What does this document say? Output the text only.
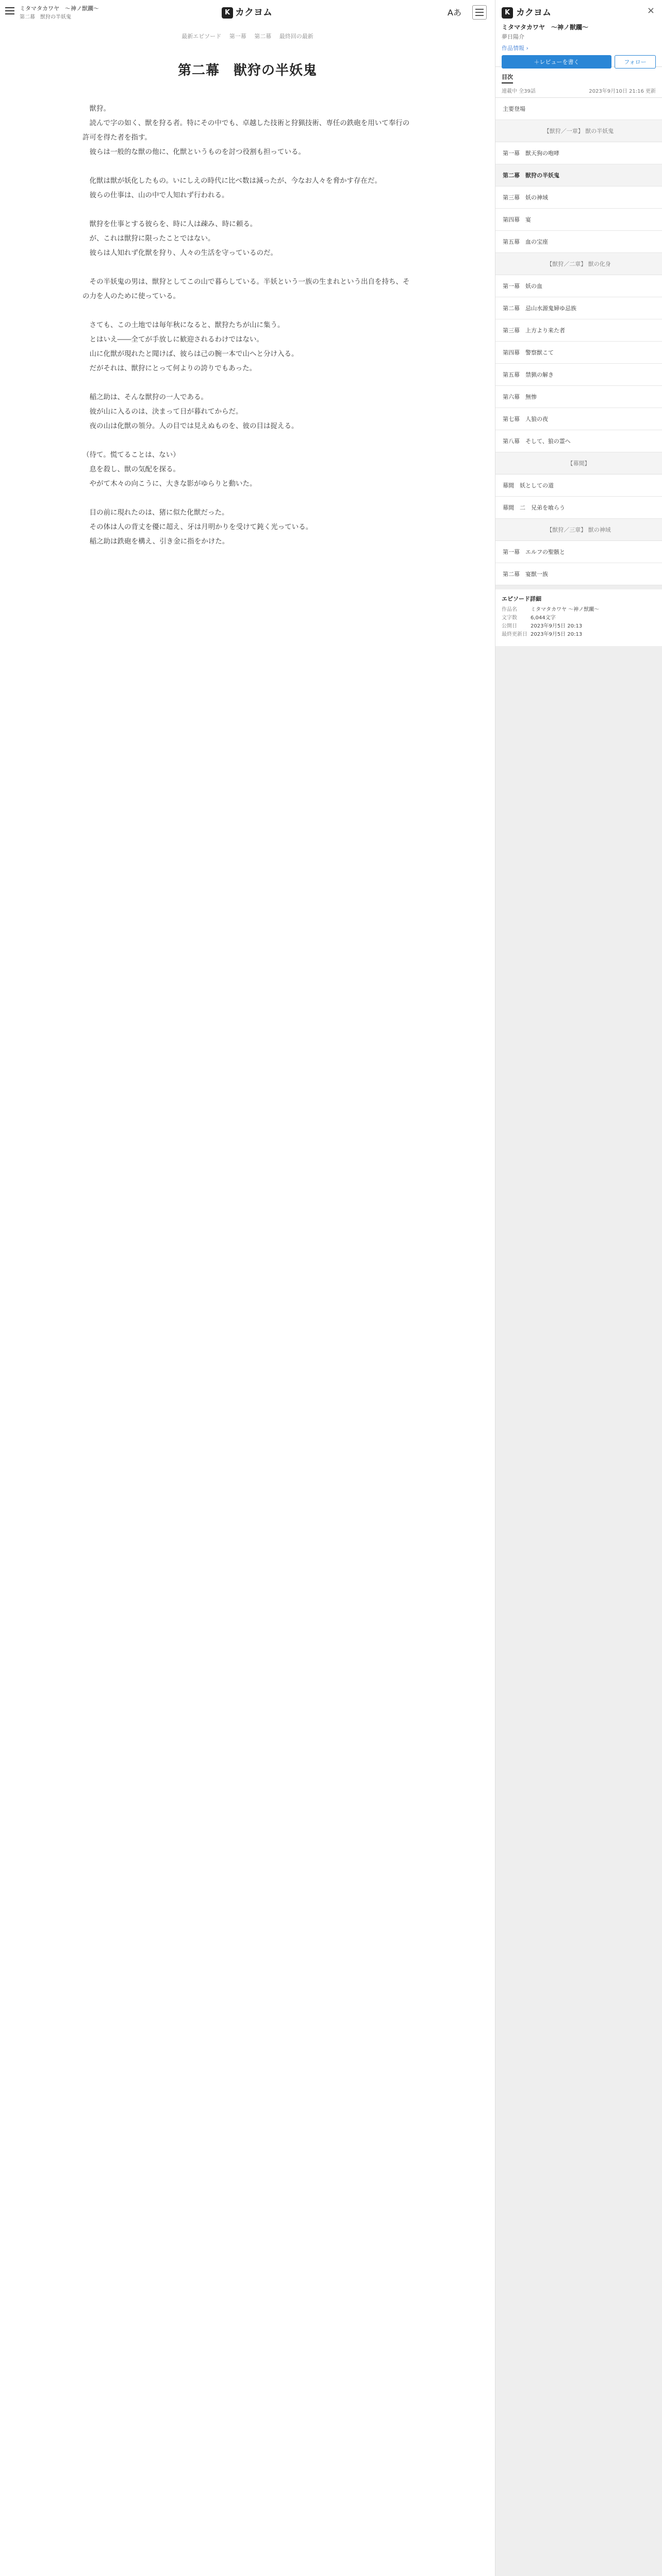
ミタマタカワヤ　～神ノ獣躙～
第二幕　獣狩の半妖鬼
K カクヨム	Aあ
最新エピソード 第一幕 第二幕 最終回の最新
第二幕　獣狩の半妖鬼

　獣狩。
　読んで字の如く、獣を狩る者。特にその中でも、卓越した技術と狩猟技術、専任の鉄砲を用いて奉行の許可を得た者を指す。
　彼らは一般的な獣の他に、化獣というものを討つ役割も担っている。

　化獣は獣が妖化したもの。いにしえの時代に比べ数は減ったが、今なお人々を脅かす存在だ。
　彼らの仕事は、山の中で人知れず行われる。

　獣狩を仕事とする彼らを、時に人は疎み、時に頼る。
　が、これは獣狩に限ったことではない。
　彼らは人知れず化獣を狩り、人々の生活を守っているのだ。

　その半妖鬼の男は、獣狩としてこの山で暮らしている。半妖という一族の生まれという出自を持ち、その力を人のために使っている。

　さても、この土地では毎年秋になると、獣狩たちが山に集う。
　とはいえ――全てが手放しに歓迎されるわけではない。
　山に化獣が現れたと聞けば、彼らは己の腕一本で山へと分け入る。
　だがそれは、獣狩にとって何よりの誇りでもあった。

　稲之助は、そんな獣狩の一人である。
　彼が山に入るのは、決まって日が暮れてからだ。
　夜の山は化獣の領分。人の目では見えぬものを、彼の目は捉える。

（待て。慌てることは、ない）
　息を殺し、獣の気配を探る。
　やがて木々の向こうに、大きな影がゆらりと動いた。

　目の前に現れたのは、猪に似た化獣だった。
　その体は人の背丈を優に超え、牙は月明かりを受けて鈍く光っている。
　稲之助は鉄砲を構え、引き金に指をかけた。

K カクヨム	×
ミタマタカワヤ　～神ノ獣躙～
夢日陽介
作品情報 ›
＋レビューを書く	フォロー
目次
連載中 全39話	2023年9月10日 21:16 更新
主要登場
【獣狩／一章】 獣の半妖鬼
第一幕　獣天狗の咆哮
第二幕　獣狩の半妖鬼
第三幕　妖の神域
第四幕　宴
第五幕　血の宝座
【獣狩／二章】 獣の化身
第一幕　妖の血
第二幕　忌山水源鬼婦ゆ忌族
第三幕　上方より来た者
第四幕　警察獣こて
第五幕　禁猟の解き
第六幕　無惨
第七幕　人狼の夜
第八幕　そして、狼の霊へ
【幕間】
幕間　妖としての道
幕間　二　兄弟を喰らう
【獣狩／三章】 獣の神域
第一幕　エルフの聖骸と
第二幕　宴獣一族
エピソード詳細
作品名	ミタマタカワヤ ～神ノ獣躙～
文字数	6,044文字
公開日	2023年9月5日 20:13
最終更新日 2023年9月5日 20:13
